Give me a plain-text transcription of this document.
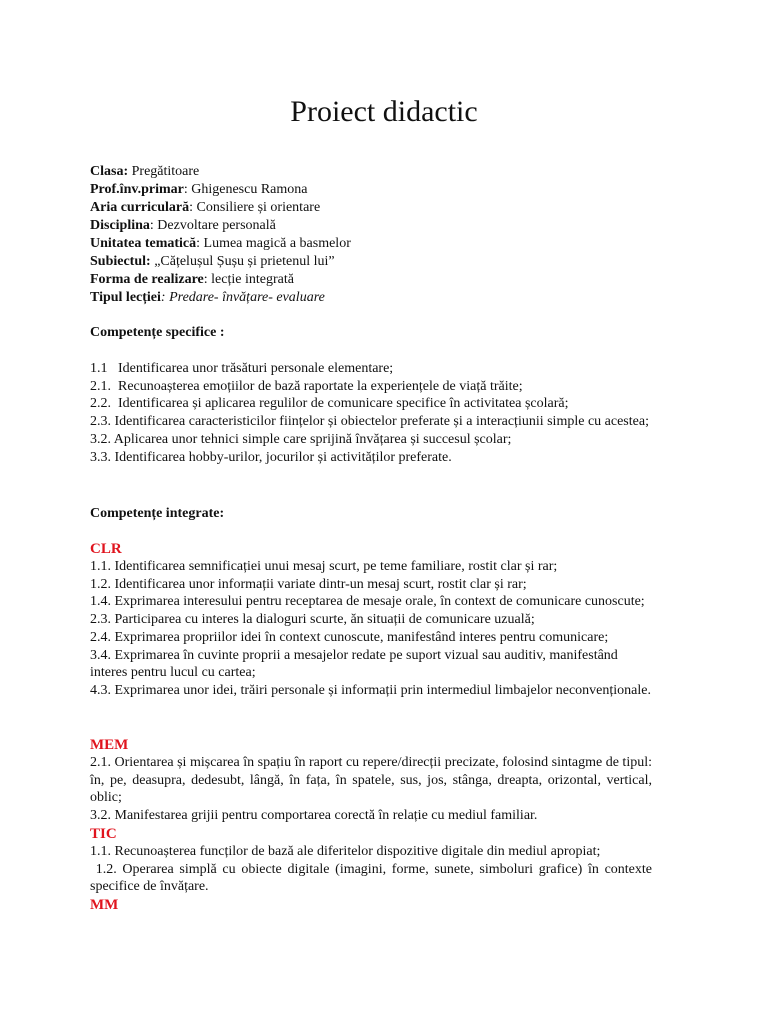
Proiect didactic
Clasa: Pregătitoare
Prof.înv.primar: Ghigenescu Ramona
Aria curriculară: Consiliere și orientare
Disciplina: Dezvoltare personală
Unitatea tematică: Lumea magică a basmelor
Subiectul: „Cățelușul Șușu și prietenul lui”
Forma de realizare: lecție integrată
Tipul lecției: Predare- învățare- evaluare
Competențe specifice :

1.1   Identificarea unor trăsături personale elementare;

2.1.  Recunoașterea emoțiilor de bază raportate la experiențele de viață trăite;

2.2.  Identificarea și aplicarea regulilor de comunicare specifice în activitatea școlară;

2.3. Identificarea caracteristicilor ființelor și obiectelor preferate și a interacțiunii simple cu acestea;

3.2. Aplicarea unor tehnici simple care sprijină învățarea și succesul școlar;

3.3. Identificarea hobby-urilor, jocurilor și activităților preferate.

Competențe integrate:
CLR

1.1. Identificarea semnificației unui mesaj scurt, pe teme familiare, rostit clar și rar;

1.2. Identificarea unor informații variate dintr-un mesaj scurt, rostit clar și rar;

1.4. Exprimarea interesului pentru receptarea de mesaje orale, în context de comunicare cunoscute;

2.3. Participarea cu interes la dialoguri scurte, ăn situații de comunicare uzuală;

2.4. Exprimarea propriilor idei în context cunoscute, manifestând interes pentru comunicare;

3.4. Exprimarea în cuvinte proprii a mesajelor redate pe suport vizual sau auditiv, manifestând interes pentru lucul cu cartea;

4.3. Exprimarea unor idei, trăiri personale și informații prin intermediul limbajelor neconvenționale.

MEM

2.1. Orientarea și mișcarea în spațiu în raport cu repere/direcții precizate, folosind sintagme de tipul: în, pe, deasupra, dedesubt, lângă, în fața, în spatele, sus, jos, stânga, dreapta, orizontal, vertical, oblic;

3.2. Manifestarea grijii pentru comportarea corectă în relație cu mediul familiar.

TIC

1.1. Recunoașterea funcților de bază ale diferitelor dispozitive digitale din mediul apropiat;

1.2. Operarea simplă cu obiecte digitale (imagini, forme, sunete, simboluri grafice) în contexte specifice de învățare.

MM
